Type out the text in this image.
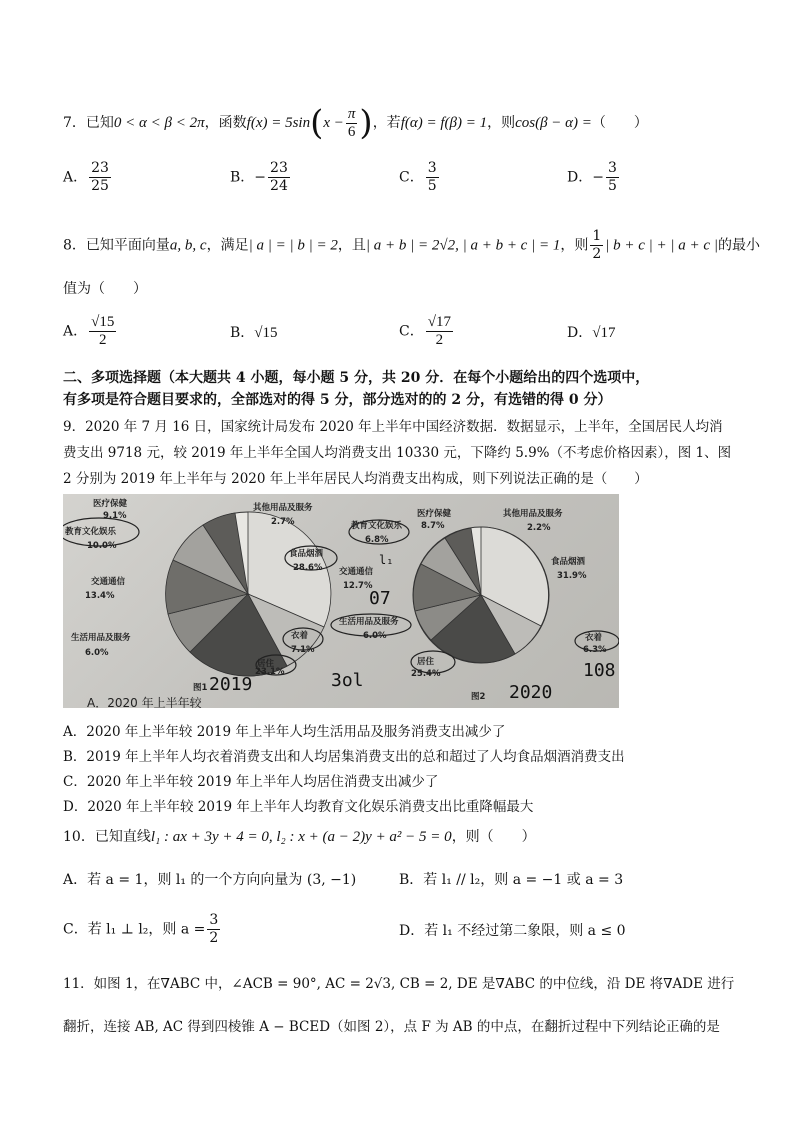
7．已知0 < α < β < 2π，函数$f(x) = 5\sin(x - \frac{\pi}{6}$ )，若f(α) = f(β) = 1，则cos(β − α) =（　　）
A． $\frac{23}{25}$	B．− $\frac{23}{24}$	C． $\frac{3}{5}$	D．− $\frac{3}{5}$
8．已知平面向量a, b, c，满足| a | = | b | = 2，且| a + b | = 2√2, | a + b + c | = 1，则 $\frac{1}{2}$ | b + c | + | a + c |的最小
值为（　　）
A． $\frac{√15}{2}$	B．√15	C． $\frac{√17}{2}$	D．√17
二、多项选择题（本大题共 4 小题，每小题 5 分，共 20 分．在每个小题给出的四个选项中，
有多项是符合题目要求的，全部选对的得 5 分，部分选对的的 2 分，有选错的得 0 分）
9．2020 年 7 月 16 日，国家统计局发布 2020 年上半年中国经济数据．数据显示，上半年，全国居民人均消
费支出 9718 元，较 2019 年上半年全国人均消费支出 10330 元，下降约 5.9%（不考虑价格因素），图 1、图
2 分别为 2019 年上半年与 2020 年上半年居民人均消费支出构成，则下列说法正确的是（　　）
医疗保健
9.1%
教育文化娱乐
10.0%
交通通信
13.4%
生活用品及服务
6.0%
其他用品及服务
2.7%
食品烟酒
28.6%
衣着
7.1%
居住
23.1%
图1
医疗保健
8.7%
教育文化娱乐
6.8%
交通通信
12.7%
生活用品及服务
6.0%
其他用品及服务
2.2%
食品烟酒
31.9%
衣着
6.3%
居住
25.4%
图2
2019	3ol
07
2020
108
l₁
A．2020 年上半年较
A．2020 年上半年较 2019 年上半年人均生活用品及服务消费支出减少了
B．2019 年上半年人均衣着消费支出和人均居集消费支出的总和超过了人均食品烟酒消费支出
C．2020 年上半年较 2019 年上半年人均居住消费支出减少了
D．2020 年上半年较 2019 年上半年人均教育文化娱乐消费支出比重降幅最大
10．已知直线l₁ : ax + 3y + 4 = 0, l₂ : x + (a − 2)y + a² − 5 = 0，则（　　）
A．若 a = 1，则 l₁ 的一个方向向量为 (3, −1)	B．若 l₁ // l₂，则 a = −1 或 a = 3
C．若 l₁ ⊥ l₂，则 $a = \frac{3}{2}$	D．若 l₁ 不经过第二象限，则 a ≤ 0
11．如图 1，在∇ABC 中，∠ACB = 90°, AC = 2√3, CB = 2, DE 是∇ABC 的中位线，沿 DE 将∇ADE 进行
翻折，连接 AB, AC 得到四棱锥 A − BCED（如图 2），点 F 为 AB 的中点，在翻折过程中下列结论正确的是
